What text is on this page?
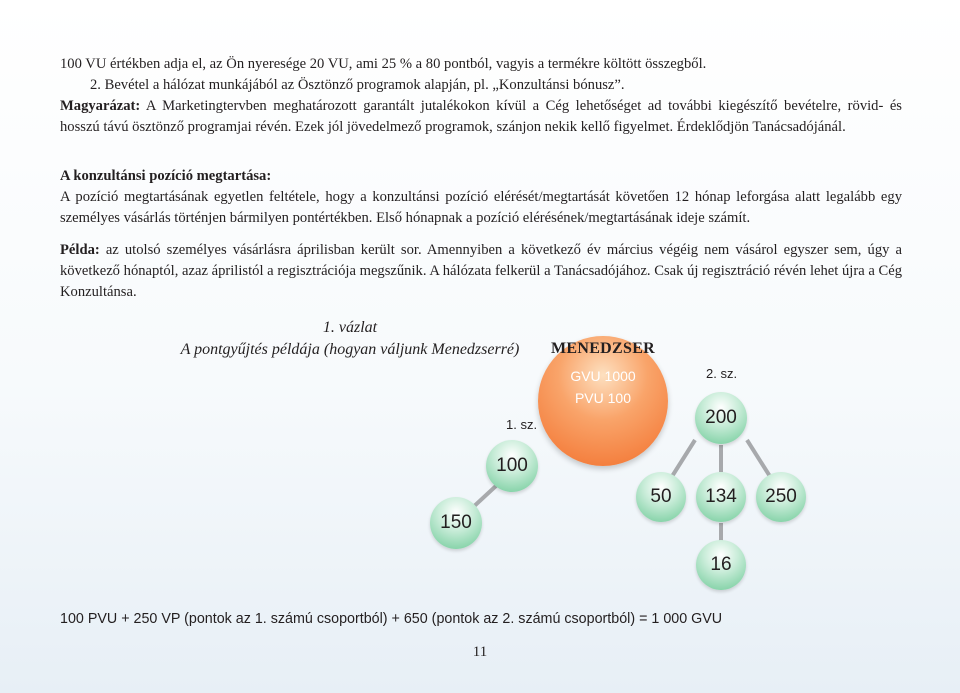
100 VU értékben adja el, az Ön nyeresége 20 VU, ami 25 % a 80 pontból, vagyis a termékre költött összegből.

2. Bevétel a hálózat munkájából az Ösztönző programok alapján, pl. „Konzultánsi bónusz”.

Magyarázat: A Marketingtervben meghatározott garantált jutalékokon kívül a Cég lehetőséget ad további kiegészítő bevételre, rövid- és hosszú távú ösztönző programjai révén. Ezek jól jövedelmező programok, szánjon nekik kellő figyelmet. Érdeklődjön Tanácsadójánál.

A konzultánsi pozíció megtartása:

A pozíció megtartásának egyetlen feltétele, hogy a konzultánsi pozíció elérését/megtartását követően 12 hónap leforgása alatt legalább egy személyes vásárlás történjen bármilyen pontértékben. Első hónapnak a pozíció elérésének/megtartásának ideje számít.

Példa: az utolsó személyes vásárlásra áprilisban került sor. Amennyiben a következő év március végéig nem vásárol egyszer sem, úgy a következő hónaptól, azaz áprilistól a regisztrációja megszűnik. A hálózata felkerül a Tanácsadójához. Csak új regisztráció révén lehet újra a Cég Konzultánsa.

1. vázlat
A pontgyűjtés példája (hogyan váljunk Menedzserré)	MENEDZSER
GVU 1000
PVU 100
1. sz.
2. sz.
100
150
200
50	134	250
16

100 PVU + 250 VP (pontok az 1. számú csoportból) + 650 (pontok az 2. számú csoportból) = 1 000 GVU

11
